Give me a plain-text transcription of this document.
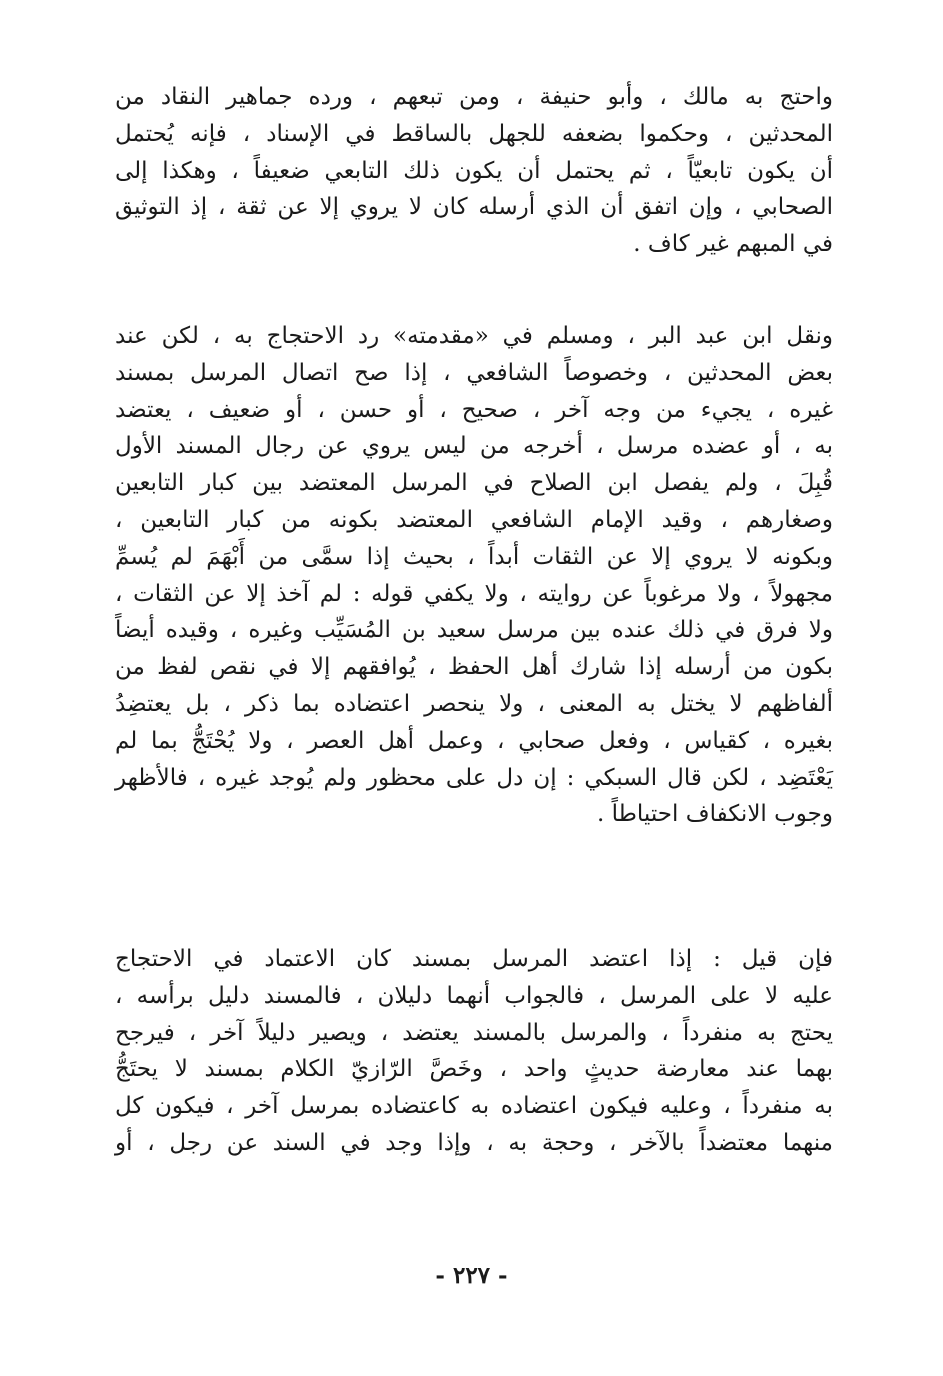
واحتج به مالك ، وأبو حنيفة ، ومن تبعهم ، ورده جماهير النقاد من
المحدثين ، وحكموا بضعفه للجهل بالساقط في الإسناد ، فإنه يُحتمل
أن يكون تابعيّاً ، ثم يحتمل أن يكون ذلك التابعي ضعيفاً ، وهكذا إلى
الصحابي ، وإن اتفق أن الذي أرسله كان لا يروي إلا عن ثقة ، إذ التوثيق
في المبهم غير كاف .
ونقل ابن عبد البر ، ومسلم في «مقدمته» رد الاحتجاج به ، لكن عند
بعض المحدثين ، وخصوصاً الشافعي ، إذا صح اتصال المرسل بمسند
غيره ، يجيء من وجه آخر ، صحيح ، أو حسن ، أو ضعيف ، يعتضد
به ، أو عضده مرسل ، أخرجه من ليس يروي عن رجال المسند الأول
قُبِلَ ، ولم يفصل ابن الصلاح في المرسل المعتضد بين كبار التابعين
وصغارهم ، وقيد الإمام الشافعي المعتضد بكونه من كبار التابعين ،
وبكونه لا يروي إلا عن الثقات أبداً ، بحيث إذا سمَّى من أَبْهَمَ لم يُسمِّ
مجهولاً ، ولا مرغوباً عن روايته ، ولا يكفي قوله : لم آخذ إلا عن الثقات ،
ولا فرق في ذلك عنده بين مرسل سعيد بن المُسَيِّب وغيره ، وقيده أيضاً
بكون من أرسله إذا شارك أهل الحفظ ، يُوافقهم إلا في نقص لفظ من
ألفاظهم لا يختل به المعنى ، ولا ينحصر اعتضاده بما ذكر ، بل يعتضِدُ
بغيره ، كقياس ، وفعل صحابي ، وعمل أهل العصر ، ولا يُحْتَجُّ بما لم
يَعْتَضِد ، لكن قال السبكي : إن دل على محظور ولم يُوجد غيره ، فالأظهر
وجوب الانكفاف احتياطاً .
فإن قيل : إذا اعتضد المرسل بمسند كان الاعتماد في الاحتجاج
عليه لا على المرسل ، فالجواب أنهما دليلان ، فالمسند دليل برأسه ،
يحتج به منفرداً ، والمرسل بالمسند يعتضد ، ويصير دليلاً آخر ، فيرجح
بهما عند معارضة حديثٍ واحد ، وخَصَّ الرّازيّ الكلام بمسند لا يحتَجُّ
به منفرداً ، وعليه فيكون اعتضاده به كاعتضاده بمرسل آخر ، فيكون كل
منهما معتضداً بالآخر ، وحجة به ، وإذا وجد في السند عن رجل ، أو
- ٢٢٧ -
